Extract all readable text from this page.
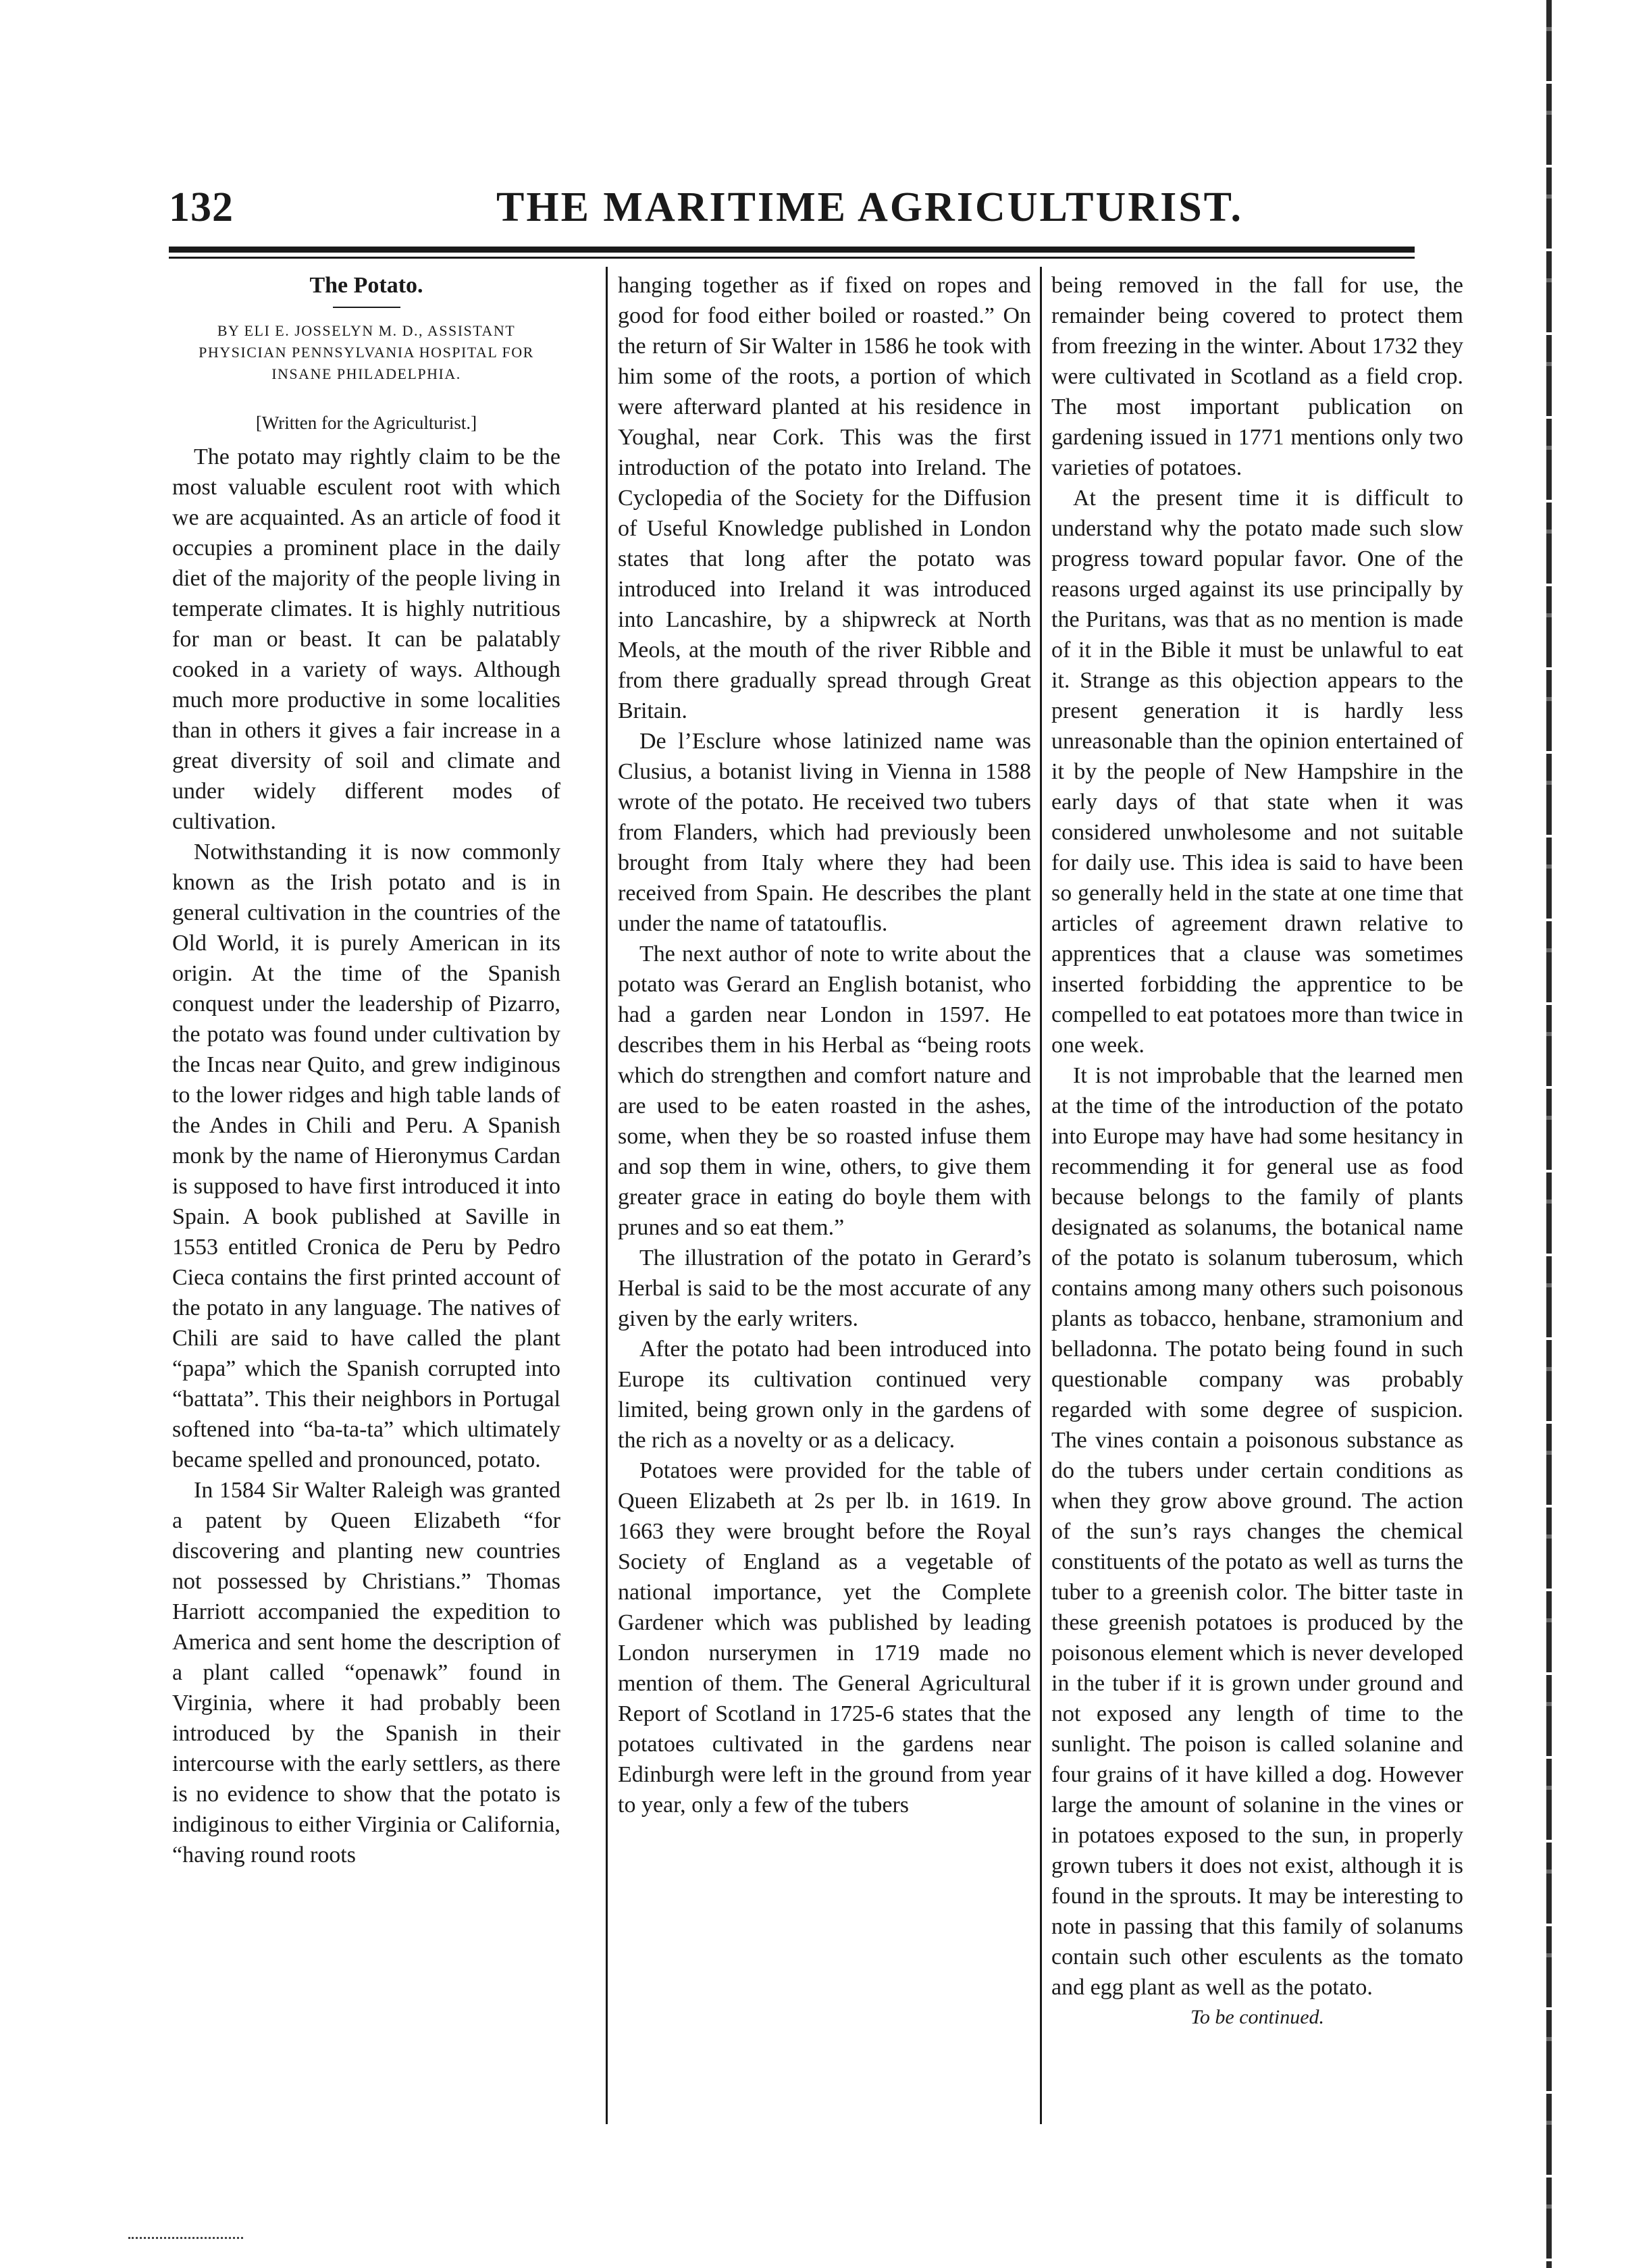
132	THE MARITIME AGRICULTURIST.
The Potato.
BY ELI E. JOSSELYN M. D., ASSISTANT PHYSICIAN PENNSYLVANIA HOSPITAL FOR INSANE PHILADELPHIA.
[Written for the Agriculturist.]

The potato may rightly claim to be the most valuable esculent root with which we are acquainted. As an article of food it occupies a prominent place in the daily diet of the majority of the people living in temperate climates. It is highly nutritious for man or beast. It can be palatably cooked in a variety of ways. Although much more productive in some localities than in others it gives a fair increase in a great diversity of soil and climate and under widely different modes of cultivation.

Notwithstanding it is now commonly known as the Irish potato and is in general cultivation in the countries of the Old World, it is purely American in its origin. At the time of the Spanish conquest under the leadership of Pizarro, the potato was found under cultivation by the Incas near Quito, and grew indiginous to the lower ridges and high table lands of the Andes in Chili and Peru. A Spanish monk by the name of Hieronymus Cardan is supposed to have first introduced it into Spain. A book published at Saville in 1553 entitled Cronica de Peru by Pedro Cieca contains the first printed account of the potato in any language. The natives of Chili are said to have called the plant “papa” which the Spanish corrupted into “battata”. This their neighbors in Portugal softened into “ba-ta-ta” which ultimately became spelled and pronounced, potato.

In 1584 Sir Walter Raleigh was granted a patent by Queen Elizabeth “for discovering and planting new countries not possessed by Christians.” Thomas Harriott accompanied the expedition to America and sent home the description of a plant called “openawk” found in Virginia, where it had probably been introduced by the Spanish in their intercourse with the early settlers, as there is no evidence to show that the potato is indiginous to either Virginia or California, “having round roots

hanging together as if fixed on ropes and good for food either boiled or roasted.” On the return of Sir Walter in 1586 he took with him some of the roots, a portion of which were afterward planted at his residence in Youghal, near Cork. This was the first introduction of the potato into Ireland. The Cyclopedia of the Society for the Diffusion of Useful Knowledge published in London states that long after the potato was introduced into Ireland it was introduced into Lancashire, by a shipwreck at North Meols, at the mouth of the river Ribble and from there gradually spread through Great Britain.

De l’Esclure whose latinized name was Clusius, a botanist living in Vienna in 1588 wrote of the potato. He received two tubers from Flanders, which had previously been brought from Italy where they had been received from Spain. He describes the plant under the name of tatatouflis.

The next author of note to write about the potato was Gerard an English botanist, who had a garden near London in 1597. He describes them in his Herbal as “being roots which do strengthen and comfort nature and are used to be eaten roasted in the ashes, some, when they be so roasted infuse them and sop them in wine, others, to give them greater grace in eating do boyle them with prunes and so eat them.”

The illustration of the potato in Gerard’s Herbal is said to be the most accurate of any given by the early writers.

After the potato had been introduced into Europe its cultivation continued very limited, being grown only in the gardens of the rich as a novelty or as a delicacy.

Potatoes were provided for the table of Queen Elizabeth at 2s per lb. in 1619. In 1663 they were brought before the Royal Society of England as a vegetable of national importance, yet the Complete Gardener which was published by leading London nurserymen in 1719 made no mention of them. The General Agricultural Report of Scotland in 1725-6 states that the potatoes cultivated in the gardens near Edinburgh were left in the ground from year to year, only a few of the tubers

being removed in the fall for use, the remainder being covered to protect them from freezing in the winter. About 1732 they were cultivated in Scotland as a field crop. The most important publication on gardening issued in 1771 mentions only two varieties of potatoes.

At the present time it is difficult to understand why the potato made such slow progress toward popular favor. One of the reasons urged against its use principally by the Puritans, was that as no mention is made of it in the Bible it must be unlawful to eat it. Strange as this objection appears to the present generation it is hardly less unreasonable than the opinion entertained of it by the people of New Hampshire in the early days of that state when it was considered unwholesome and not suitable for daily use. This idea is said to have been so generally held in the state at one time that articles of agreement drawn relative to apprentices that a clause was sometimes inserted forbidding the apprentice to be compelled to eat potatoes more than twice in one week.

It is not improbable that the learned men at the time of the introduction of the potato into Europe may have had some hesitancy in recommending it for general use as food because belongs to the family of plants designated as solanums, the botanical name of the potato is solanum tuberosum, which contains among many others such poisonous plants as tobacco, henbane, stramonium and belladonna. The potato being found in such questionable company was probably regarded with some degree of suspicion. The vines contain a poisonous substance as do the tubers under certain conditions as when they grow above ground. The action of the sun’s rays changes the chemical constituents of the potato as well as turns the tuber to a greenish color. The bitter taste in these greenish potatoes is produced by the poisonous element which is never developed in the tuber if it is grown under ground and not exposed any length of time to the sunlight. The poison is called solanine and four grains of it have killed a dog. However large the amount of solanine in the vines or in potatoes exposed to the sun, in properly grown tubers it does not exist, although it is found in the sprouts. It may be interesting to note in passing that this family of solanums contain such other esculents as the tomato and egg plant as well as the potato.

To be continued.
